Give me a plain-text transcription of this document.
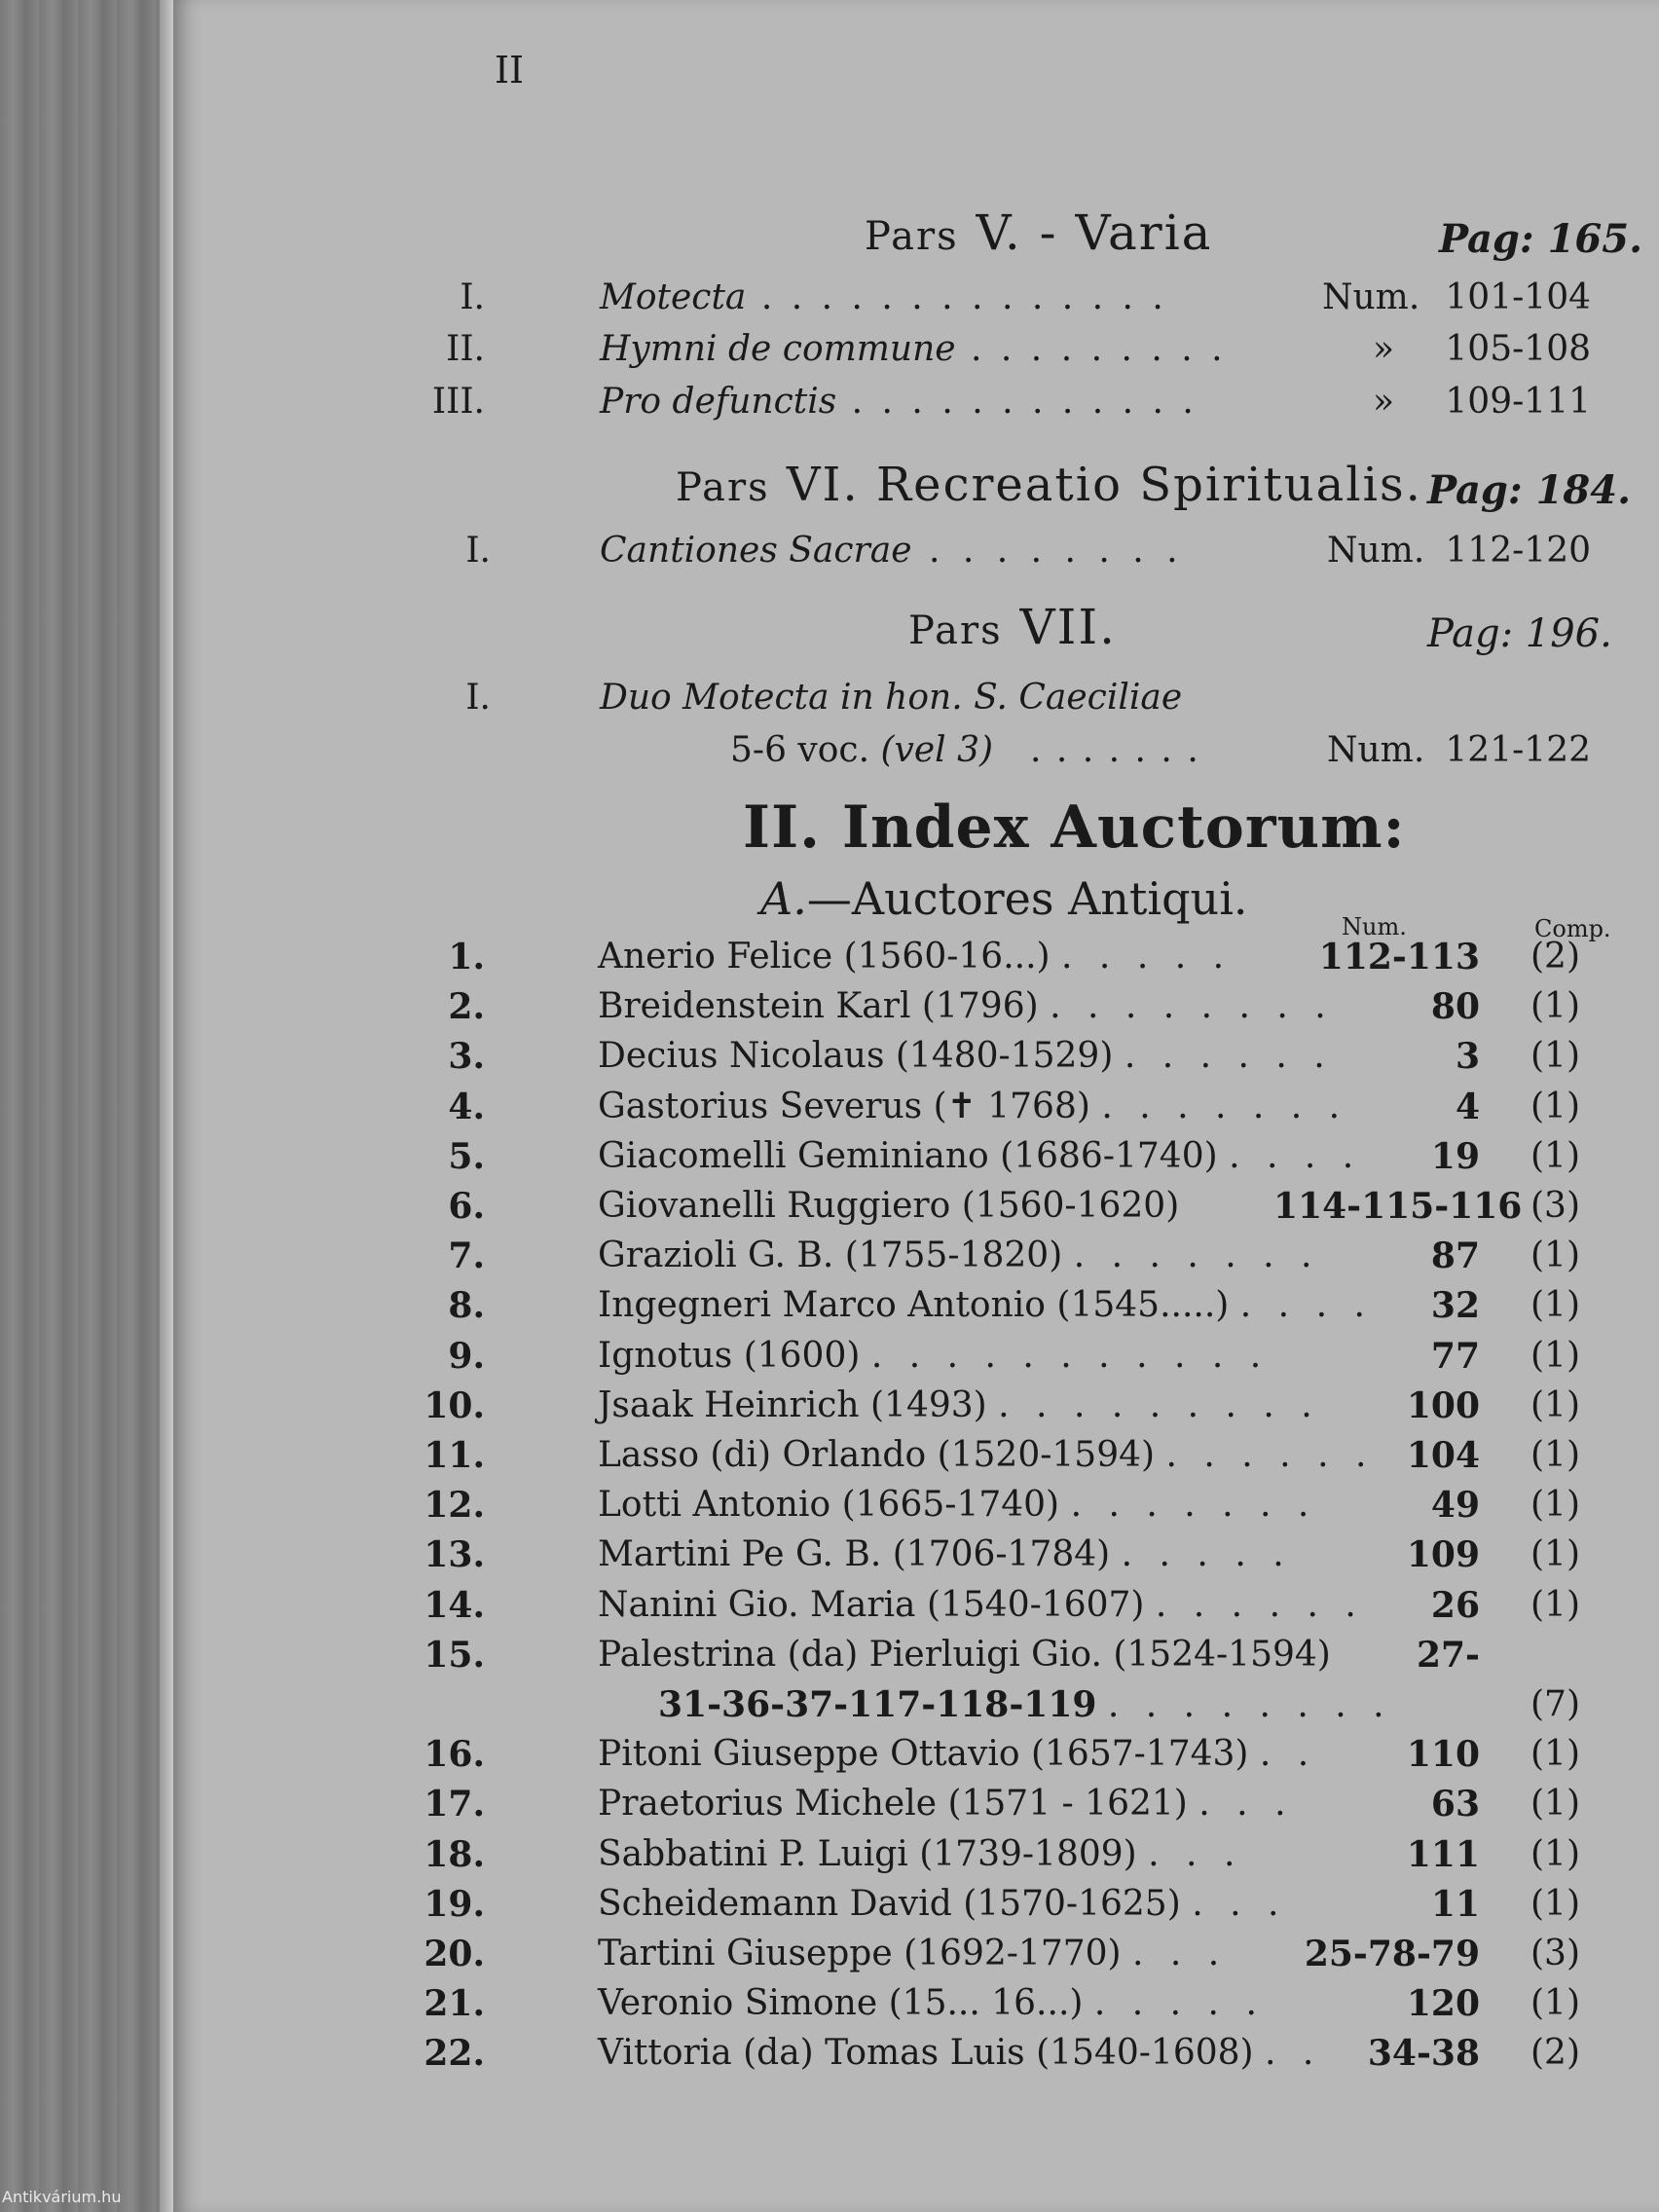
II
Pars V. - Varia	Pag: 165.
I.	Motecta . . . . . . . . . . . . . .	Num. 101-104
II.	Hymni de commune . . . . . . . . .	»	105-108
III.	Pro defunctis . . . . . . . . . . . .	»	109-111
Pars VI. Recreatio Spiritualis. Pag: 184.
I.	Cantiones Sacrae . . . . . . . .	Num. 112-120
Pars VII.	Pag: 196.
I.	Duo Motecta in hon. S. Caeciliae
5-6 voc. (vel 3) . . . . . . .	Num. 121-122
II. Index Auctorum:
A.—Auctores Antiqui.
Num.	Comp.
1.	Anerio Felice (1560-16...) . . . . .	112-113 (2)
2.	Breidenstein Karl (1796) . . . . . . . .	80 (1)
3.	Decius Nicolaus (1480-1529) . . . . . .	3 (1)
4.	Gastorius Severus (✝ 1768) . . . . . . .	4 (1)
5.	Giacomelli Geminiano (1686-1740) . . . .	19 (1)
6.	Giovanelli Ruggiero (1560-1620)	114-115-116 (3)
7.	Grazioli G. B. (1755-1820) . . . . . . .	87 (1)
8.	Ingegneri Marco Antonio (1545.....) . . . .	32 (1)
9.	Ignotus (1600) . . . . . . . . . . .	77 (1)
10.	Jsaak Heinrich (1493) . . . . . . . . .	100 (1)
11.	Lasso (di) Orlando (1520-1594) . . . . . . 104 (1)
12.	Lotti Antonio (1665-1740) . . . . . . .	49 (1)
13.	Martini Pe G. B. (1706-1784) . . . . .	109 (1)
14.	Nanini Gio. Maria (1540-1607) . . . . . .	26 (1)
15.	Palestrina (da) Pierluigi Gio. (1524-1594)	27-
31-36-37-117-118-119 . . . . . . . .	(7)
16.	Pitoni Giuseppe Ottavio (1657-1743) . .	110 (1)
17.	Praetorius Michele (1571 - 1621) . . .	63 (1)
18.	Sabbatini P. Luigi (1739-1809) . . .	111 (1)
19.	Scheidemann David (1570-1625) . . .	11 (1)
20.	Tartini Giuseppe (1692-1770) . . .	25-78-79 (3)
21.	Veronio Simone (15... 16...) . . . . .	120 (1)
22.	Vittoria (da) Tomas Luis (1540-1608) . .	34-38 (2)
Antikvárium.hu
